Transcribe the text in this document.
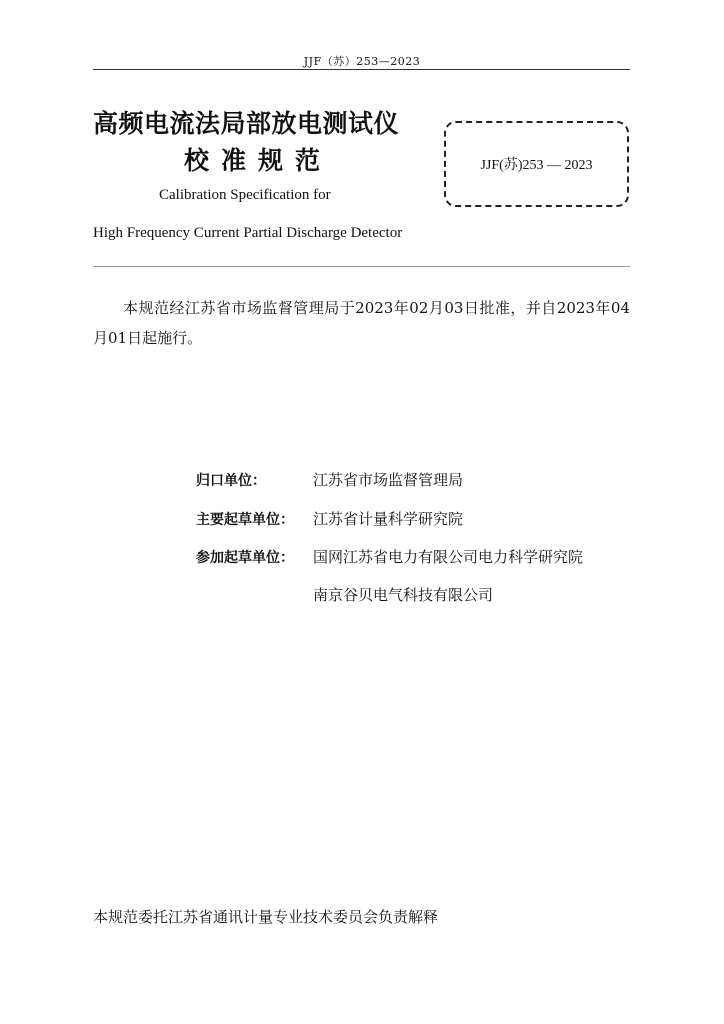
JJF（苏）253—2023
高频电流法局部放电测试仪
校准规范
Calibration Specification for
High Frequency Current Partial Discharge Detector
JJF(苏)253 — 2023
本规范经江苏省市场监督管理局于2023年02月03日批准，并自2023年04月01日起施行。
归口单位：	江苏省市场监督管理局
主要起草单位： 江苏省计量科学研究院
参加起草单位： 国网江苏省电力有限公司电力科学研究院
南京谷贝电气科技有限公司
本规范委托江苏省通讯计量专业技术委员会负责解释
